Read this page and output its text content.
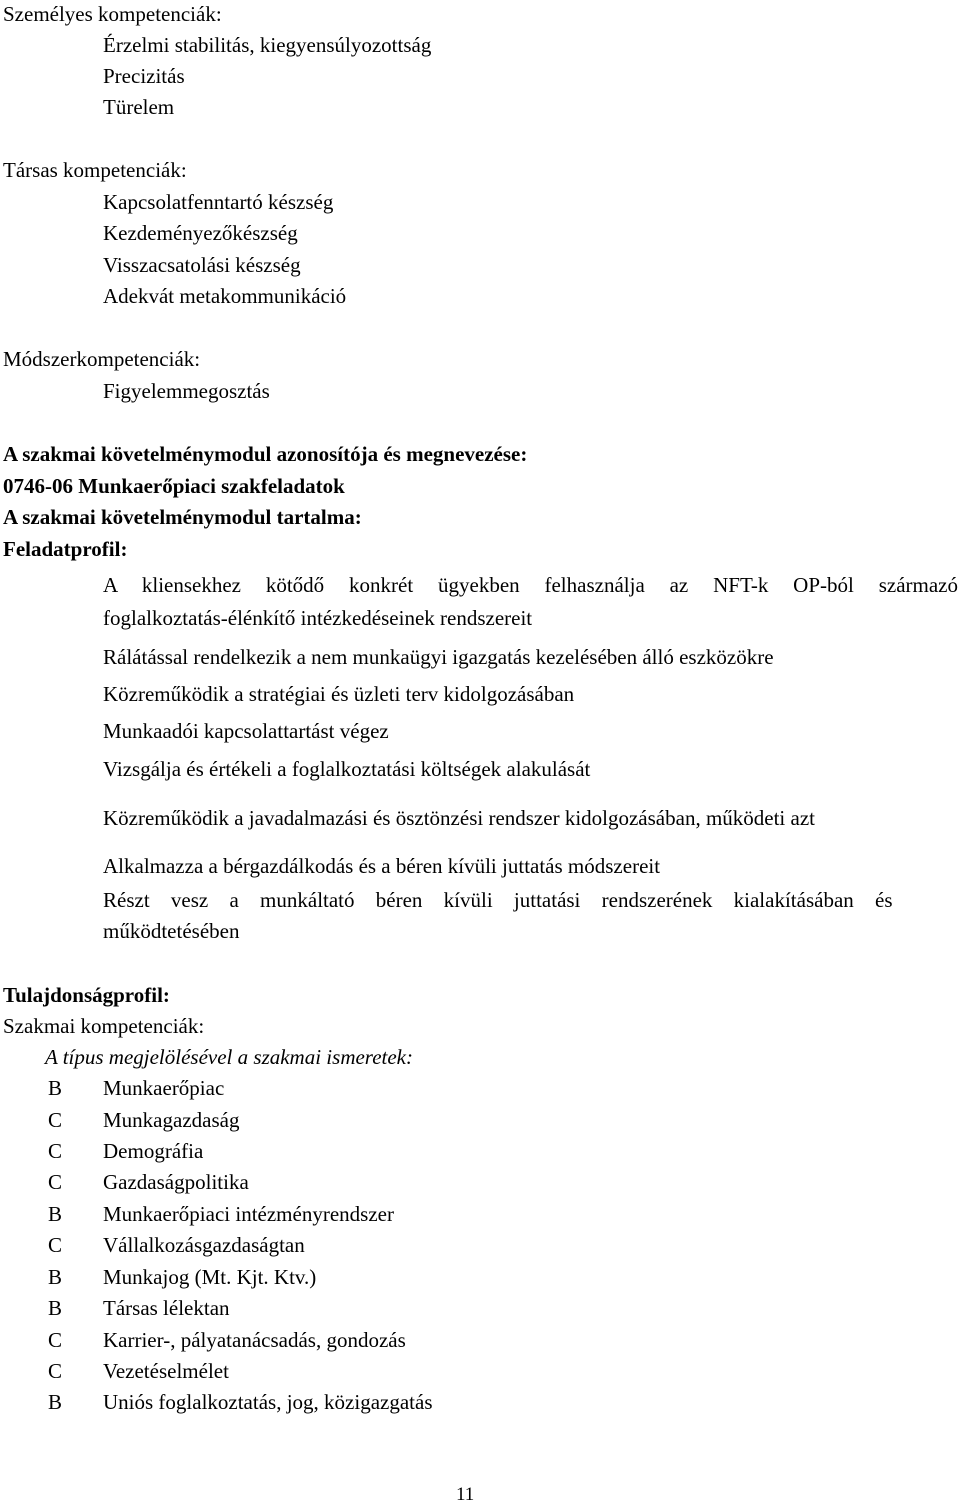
Személyes kompetenciák:
Érzelmi stabilitás, kiegyensúlyozottság
Precizitás
Türelem
Társas kompetenciák:
Kapcsolatfenntartó készség
Kezdeményezőkészség
Visszacsatolási készség
Adekvát metakommunikáció
Módszerkompetenciák:
Figyelemmegosztás
A szakmai követelménymodul azonosítója és megnevezése:
0746-06 Munkaerőpiaci szakfeladatok
A szakmai követelménymodul tartalma:
Feladatprofil:
A kliensekhez kötődő konkrét ügyekben felhasználja az NFT-k OP-ból származó
foglalkoztatás-élénkítő intézkedéseinek rendszereit
Rálátással rendelkezik a nem munkaügyi igazgatás kezelésében álló eszközökre
Közreműködik a stratégiai és üzleti terv kidolgozásában
Munkaadói kapcsolattartást végez
Vizsgálja és értékeli a foglalkoztatási költségek alakulását
Közreműködik a javadalmazási és ösztönzési rendszer kidolgozásában, működeti azt
Alkalmazza a bérgazdálkodás és a béren kívüli juttatás módszereit
Részt vesz a munkáltató béren kívüli juttatási rendszerének kialakításában és
működtetésében
Tulajdonságprofil:
Szakmai kompetenciák:
A típus megjelölésével a szakmai ismeretek:
B Munkaerőpiac
C Munkagazdaság
C Demográfia
C Gazdaságpolitika
B Munkaerőpiaci intézményrendszer
C Vállalkozásgazdaságtan
B Munkajog (Mt. Kjt. Ktv.)
B Társas lélektan
C Karrier-, pályatanácsadás, gondozás
C Vezetéselmélet
B Uniós foglalkoztatás, jog, közigazgatás
11
